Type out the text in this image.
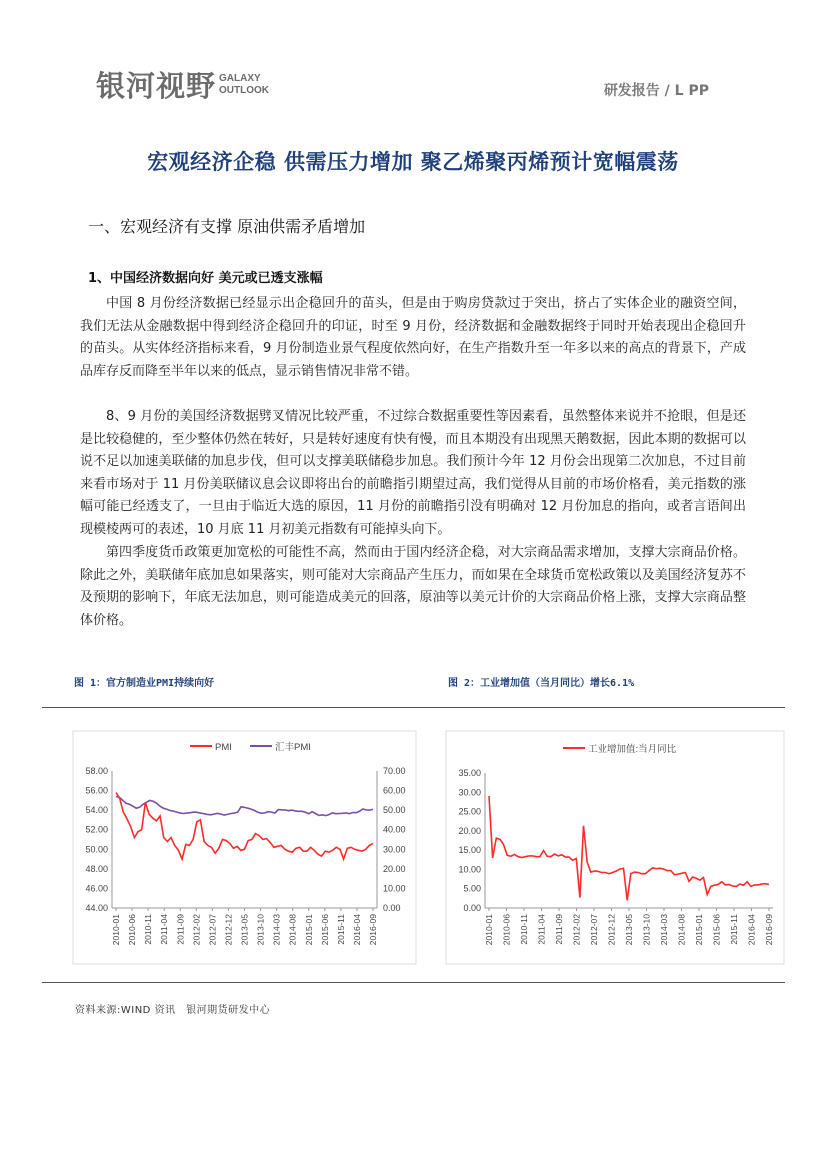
银河视野 GALAXY
OUTLOOK	研发报告 / L PP
宏观经济企稳 供需压力增加 聚乙烯聚丙烯预计宽幅震荡
一、宏观经济有支撑 原油供需矛盾增加
1、中国经济数据向好 美元或已透支涨幅

中国 8 月份经济数据已经显示出企稳回升的苗头，但是由于购房贷款过于突出，挤占了实体企业的融资空间，我们无法从金融数据中得到经济企稳回升的印证，时至 9 月份，经济数据和金融数据终于同时开始表现出企稳回升的苗头。从实体经济指标来看，9 月份制造业景气程度依然向好，在生产指数升至一年多以来的高点的背景下，产成品库存反而降至半年以来的低点，显示销售情况非常不错。

8、9 月份的美国经济数据劈叉情况比较严重，不过综合数据重要性等因素看，虽然整体来说并不抢眼，但是还是比较稳健的，至少整体仍然在转好，只是转好速度有快有慢，而且本期没有出现黑天鹅数据，因此本期的数据可以说不足以加速美联储的加息步伐，但可以支撑美联储稳步加息。我们预计今年 12 月份会出现第二次加息，不过目前来看市场对于 11 月份美联储议息会议即将出台的前瞻指引期望过高，我们觉得从目前的市场价格看，美元指数的涨幅可能已经透支了，一旦由于临近大选的原因，11 月份的前瞻指引没有明确对 12 月份加息的指向，或者言语间出现模棱两可的表述，10 月底 11 月初美元指数有可能掉头向下。

第四季度货币政策更加宽松的可能性不高，然而由于国内经济企稳，对大宗商品需求增加，支撑大宗商品价格。除此之外，美联储年底加息如果落实，则可能对大宗商品产生压力，而如果在全球货币宽松政策以及美国经济复苏不及预期的影响下，年底无法加息，则可能造成美元的回落，原油等以美元计价的大宗商品价格上涨，支撑大宗商品整体价格。

图 1：官方制造业PMI持续向好	图 2：工业增加值（当月同比）增长6.1%
58.00
56.00
54.00
52.00
50.00
48.00
46.00
44.00
70.00
60.00
50.00
40.00
30.00
20.00
10.00
0.00
2010-01 2010-06 2010-11 2011-04 2011-09 2012-02 2012-07 2012-12 2013-05 2013-10 2014-03 2014-08 2015-01 2015-06 2015-11 2016-04 2016-09
PMI	汇丰PMI
35.00
30.00
25.00
20.00
15.00
10.00
5.00
0.00
2010-01 2010-06 2010-11 2011-04 2011-09 2012-02 2012-07 2012-12 2013-05 2013-10 2014-03 2014-08 2015-01 2015-06 2015-11 2016-04 2016-09
工业增加值:当月同比
资料来源:WIND 资讯　银河期货研发中心
